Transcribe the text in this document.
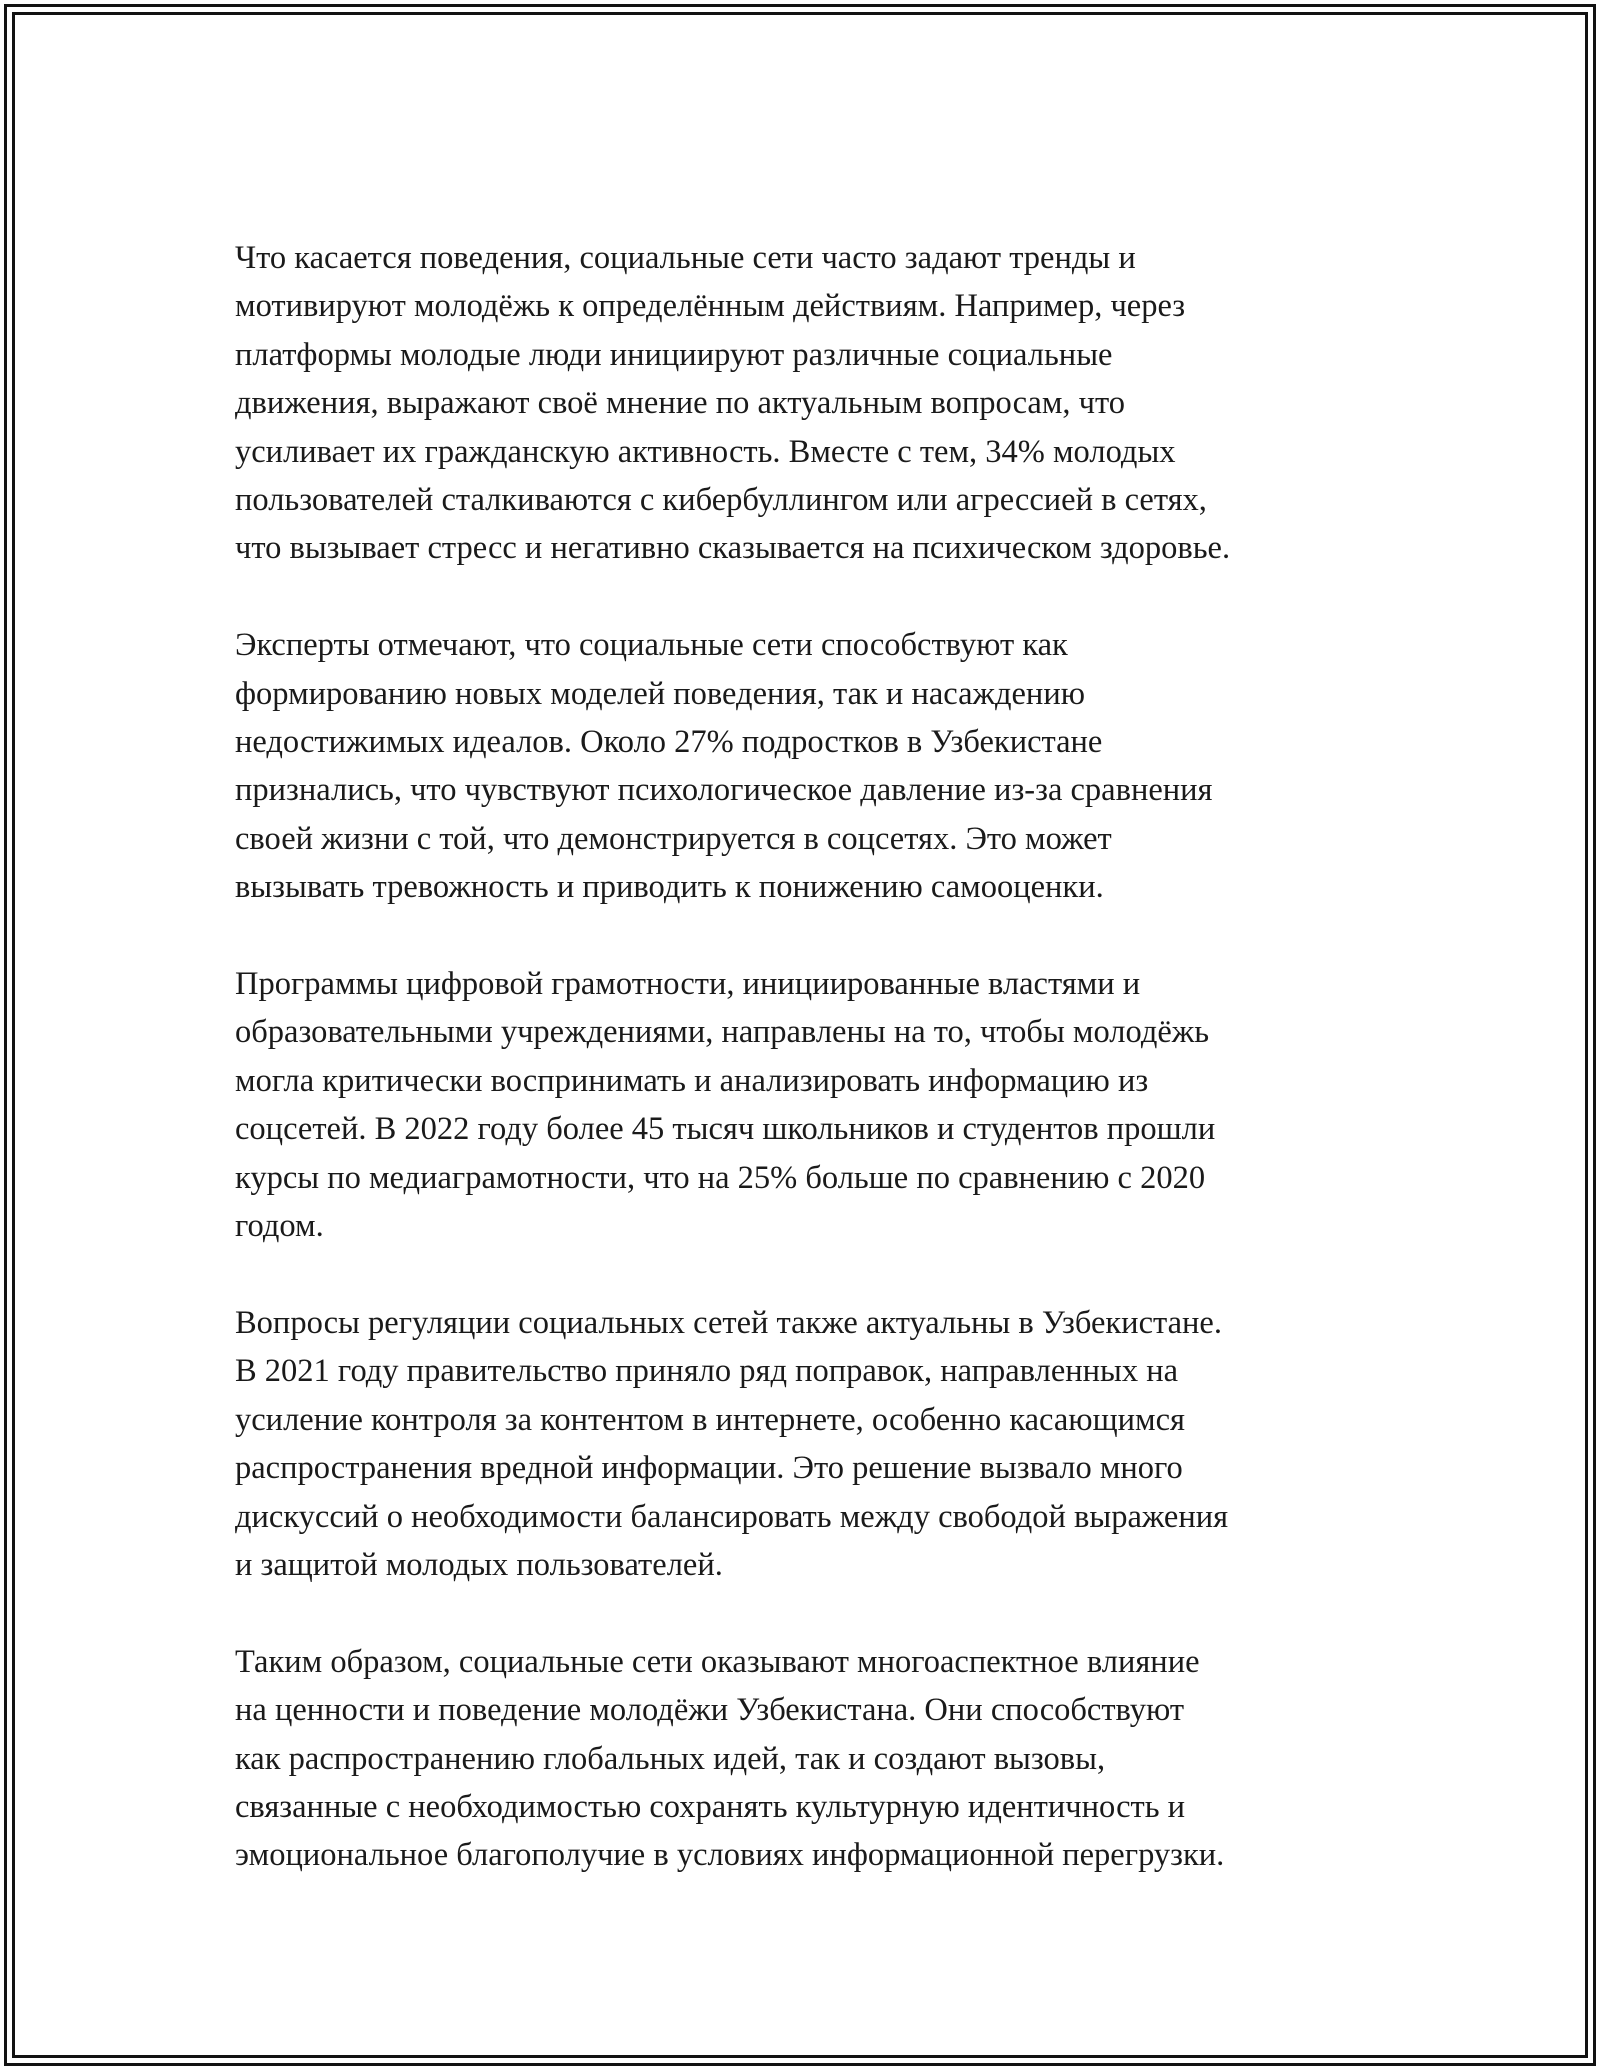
Что касается поведения, социальные сети часто задают тренды и
мотивируют молодёжь к определённым действиям. Например, через
платформы молодые люди инициируют различные социальные
движения, выражают своё мнение по актуальным вопросам, что
усиливает их гражданскую активность. Вместе с тем, 34% молодых
пользователей сталкиваются с кибербуллингом или агрессией в сетях,
что вызывает стресс и негативно сказывается на психическом здоровье.

Эксперты отмечают, что социальные сети способствуют как
формированию новых моделей поведения, так и насаждению
недостижимых идеалов. Около 27% подростков в Узбекистане
признались, что чувствуют психологическое давление из-за сравнения
своей жизни с той, что демонстрируется в соцсетях. Это может
вызывать тревожность и приводить к понижению самооценки.

Программы цифровой грамотности, инициированные властями и
образовательными учреждениями, направлены на то, чтобы молодёжь
могла критически воспринимать и анализировать информацию из
соцсетей. В 2022 году более 45 тысяч школьников и студентов прошли
курсы по медиаграмотности, что на 25% больше по сравнению с 2020
годом.

Вопросы регуляции социальных сетей также актуальны в Узбекистане.
В 2021 году правительство приняло ряд поправок, направленных на
усиление контроля за контентом в интернете, особенно касающимся
распространения вредной информации. Это решение вызвало много
дискуссий о необходимости балансировать между свободой выражения
и защитой молодых пользователей.

Таким образом, социальные сети оказывают многоаспектное влияние
на ценности и поведение молодёжи Узбекистана. Они способствуют
как распространению глобальных идей, так и создают вызовы,
связанные с необходимостью сохранять культурную идентичность и
эмоциональное благополучие в условиях информационной перегрузки.
